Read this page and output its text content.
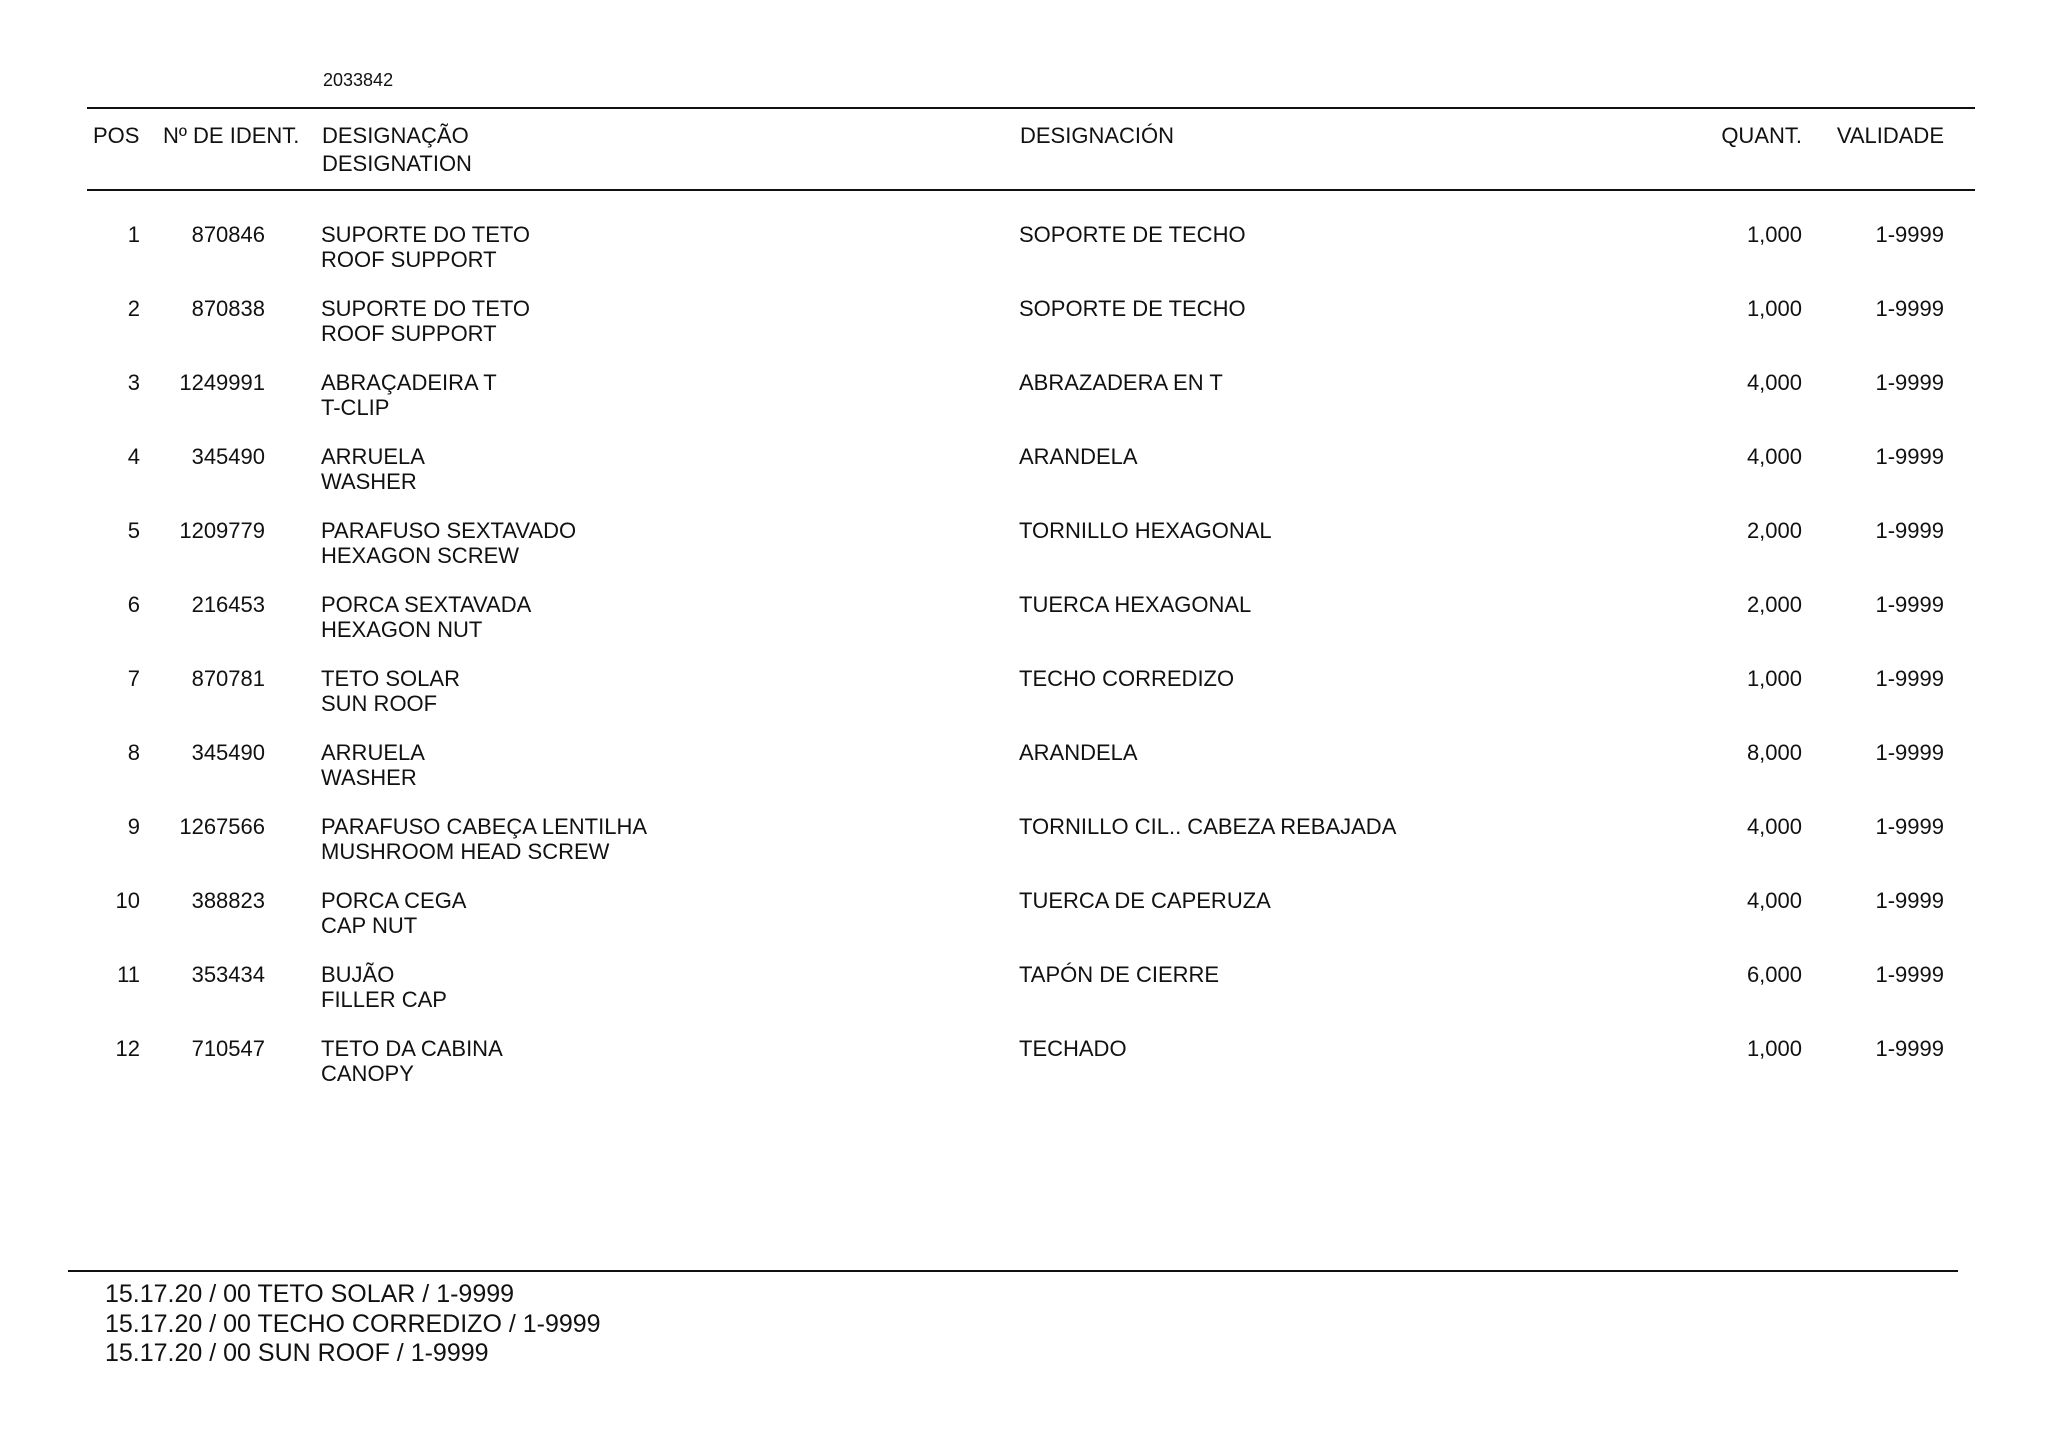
2033842
POS Nº DE IDENT. DESIGNAÇÃO
DESIGNATION
DESIGNACIÓN	QUANT. VALIDADE
1	870846	SUPORTE DO TETO
ROOF SUPPORT
SOPORTE DE TECHO	1,000	1-9999
2	870838	SUPORTE DO TETO
ROOF SUPPORT
SOPORTE DE TECHO	1,000	1-9999
3	1249991	ABRAÇADEIRA T
T-CLIP
ABRAZADERA EN T	4,000	1-9999
4	345490	ARRUELA
WASHER
ARANDELA	4,000	1-9999
5	1209779	PARAFUSO SEXTAVADO
HEXAGON SCREW
TORNILLO HEXAGONAL	2,000	1-9999
6	216453	PORCA SEXTAVADA
HEXAGON NUT
TUERCA HEXAGONAL	2,000	1-9999
7	870781	TETO SOLAR
SUN ROOF
TECHO CORREDIZO	1,000	1-9999
8	345490	ARRUELA
WASHER
ARANDELA	8,000	1-9999
9	1267566	PARAFUSO CABEÇA LENTILHA
MUSHROOM HEAD SCREW
TORNILLO CIL.. CABEZA REBAJADA	4,000	1-9999
10	388823	PORCA CEGA
CAP NUT
TUERCA DE CAPERUZA	4,000	1-9999
11	353434	BUJÃO
FILLER CAP
TAPÓN DE CIERRE	6,000	1-9999
12	710547	TETO DA CABINA
CANOPY
TECHADO	1,000	1-9999
15.17.20 / 00 TETO SOLAR / 1-9999
15.17.20 / 00 TECHO CORREDIZO / 1-9999
15.17.20 / 00 SUN ROOF / 1-9999
